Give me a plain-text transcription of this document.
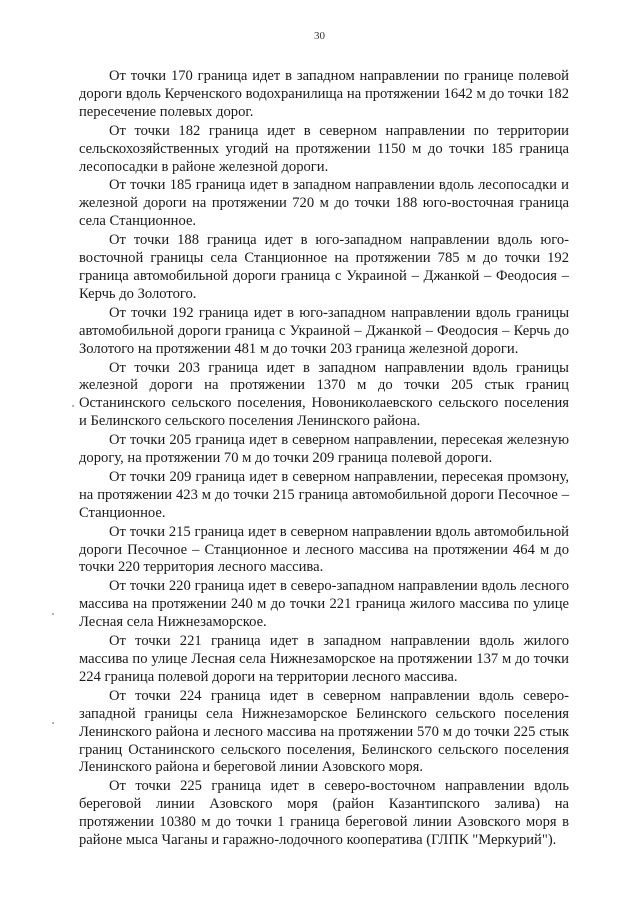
30

От точки 170 граница идет в западном направлении по границе полевой дороги вдоль Керченского водохранилища на протяжении 1642 м до точки 182 пересечение полевых дорог.

От точки 182 граница идет в северном направлении по территории сельскохозяйственных угодий на протяжении 1150 м до точки 185 граница лесопосадки в районе железной дороги.

От точки 185 граница идет в западном направлении вдоль лесопосадки и железной дороги на протяжении 720 м до точки 188 юго-восточная граница села Станционное.

От точки 188 граница идет в юго-западном направлении вдоль юго-восточной границы села Станционное на протяжении 785 м до точки 192 граница автомобильной дороги граница с Украиной – Джанкой – Феодосия – Керчь до Золотого.

От точки 192 граница идет в юго-западном направлении вдоль границы автомобильной дороги граница с Украиной – Джанкой – Феодосия – Керчь до Золотого на протяжении 481 м до точки 203 граница железной дороги.

От точки 203 граница идет в западном направлении вдоль границы железной дороги на протяжении 1370 м до точки 205 стык границ Останинского сельского поселения, Новониколаевского сельского поселения и Белинского сельского поселения Ленинского района.

От точки 205 граница идет в северном направлении, пересекая железную дорогу, на протяжении 70 м до точки 209 граница полевой дороги.

От точки 209 граница идет в северном направлении, пересекая промзону, на протяжении 423 м до точки 215 граница автомобильной дороги Песочное – Станционное.

От точки 215 граница идет в северном направлении вдоль автомобильной дороги Песочное – Станционное и лесного массива на протяжении 464 м до точки 220 территория лесного массива.

От точки 220 граница идет в северо-западном направлении вдоль лесного массива на протяжении 240 м до точки 221 граница жилого массива по улице Лесная села Нижнезаморское.

От точки 221 граница идет в западном направлении вдоль жилого массива по улице Лесная села Нижнезаморское на протяжении 137 м до точки 224 граница полевой дороги на территории лесного массива.

От точки 224 граница идет в северном направлении вдоль северо-западной границы села Нижнезаморское Белинского сельского поселения Ленинского района и лесного массива на протяжении 570 м до точки 225 стык границ Останинского сельского поселения, Белинского сельского поселения Ленинского района и береговой линии Азовского моря.

От точки 225 граница идет в северо-восточном направлении вдоль береговой линии Азовского моря (район Казантипского залива) на протяжении 10380 м до точки 1 граница береговой линии Азовского моря в районе мыса Чаганы и гаражно-лодочного кооператива (ГЛПК "Меркурий").
